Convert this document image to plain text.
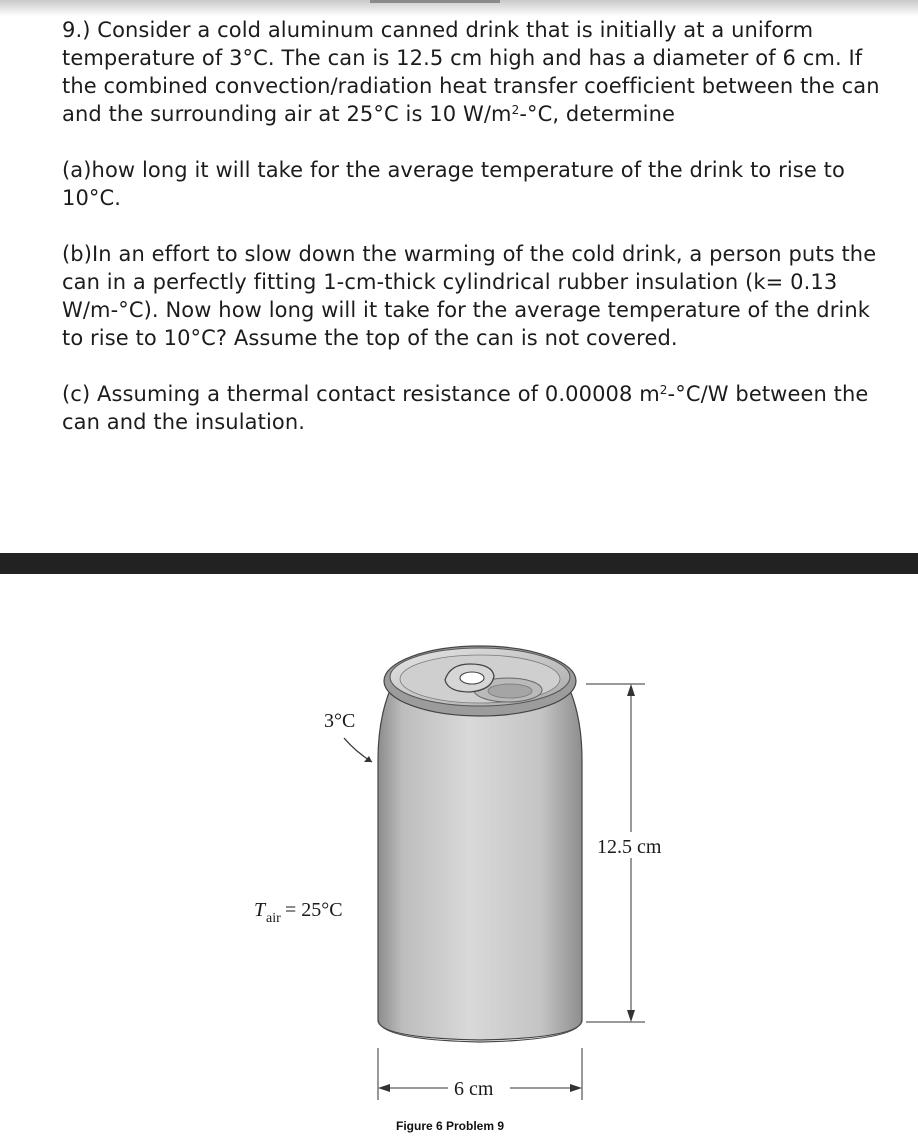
9.) Consider a cold aluminum canned drink that is initially at a uniform temperature of 3°C. The can is 12.5 cm high and has a diameter of 6 cm. If the combined convection/radiation heat transfer coefficient between the can and the surrounding air at 25°C is 10 $W/m^2-^\circ C$, determine

(a)how long it will take for the average temperature of the drink to rise to 10°C.

(b)In an effort to slow down the warming of the cold drink, a person puts the can in a perfectly fitting 1-cm-thick cylindrical rubber insulation (k= 0.13 W/m-°C). Now how long will it take for the average temperature of the drink to rise to 10°C? Assume the top of the can is not covered.

(c) Assuming a thermal contact resistance of 0.00008 $m^2-^\circ C/W$ between the can and the insulation.

3°C
T air = 25°C
12.5 cm
6 cm
Figure 6 Problem 9
